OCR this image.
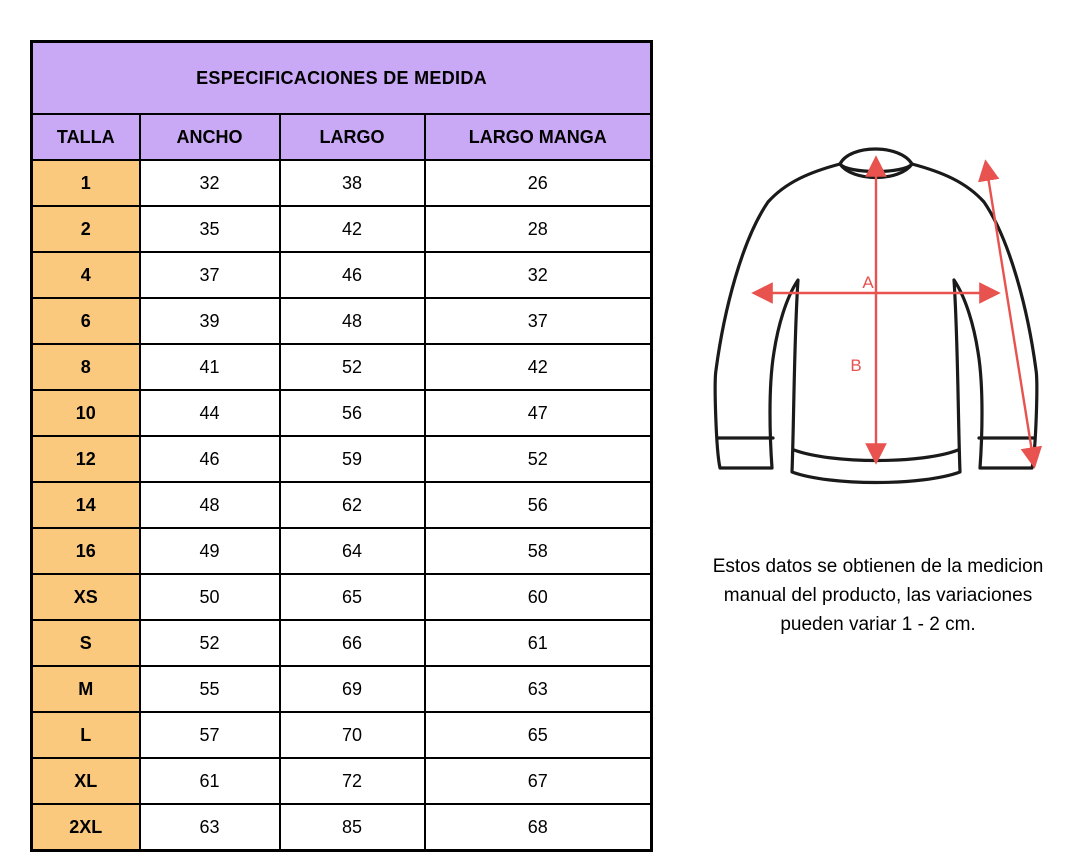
ESPECIFICACIONES DE MEDIDA			
TALLA	ANCHO	LARGO	LARGO MANGA
1	32	38	26
2	35	42	28
4	37	46	32
6	39	48	37
8	41	52	42
10	44	56	47
12	46	59	52
14	48	62	56
16	49	64	58
XS	50	65	60
S	52	66	61
M	55	69	63
L	57	70	65
XL	61	72	67
2XL	63	85	68
A
B
Estos datos se obtienen de la medicion
manual del producto, las variaciones
pueden variar 1 - 2 cm.
